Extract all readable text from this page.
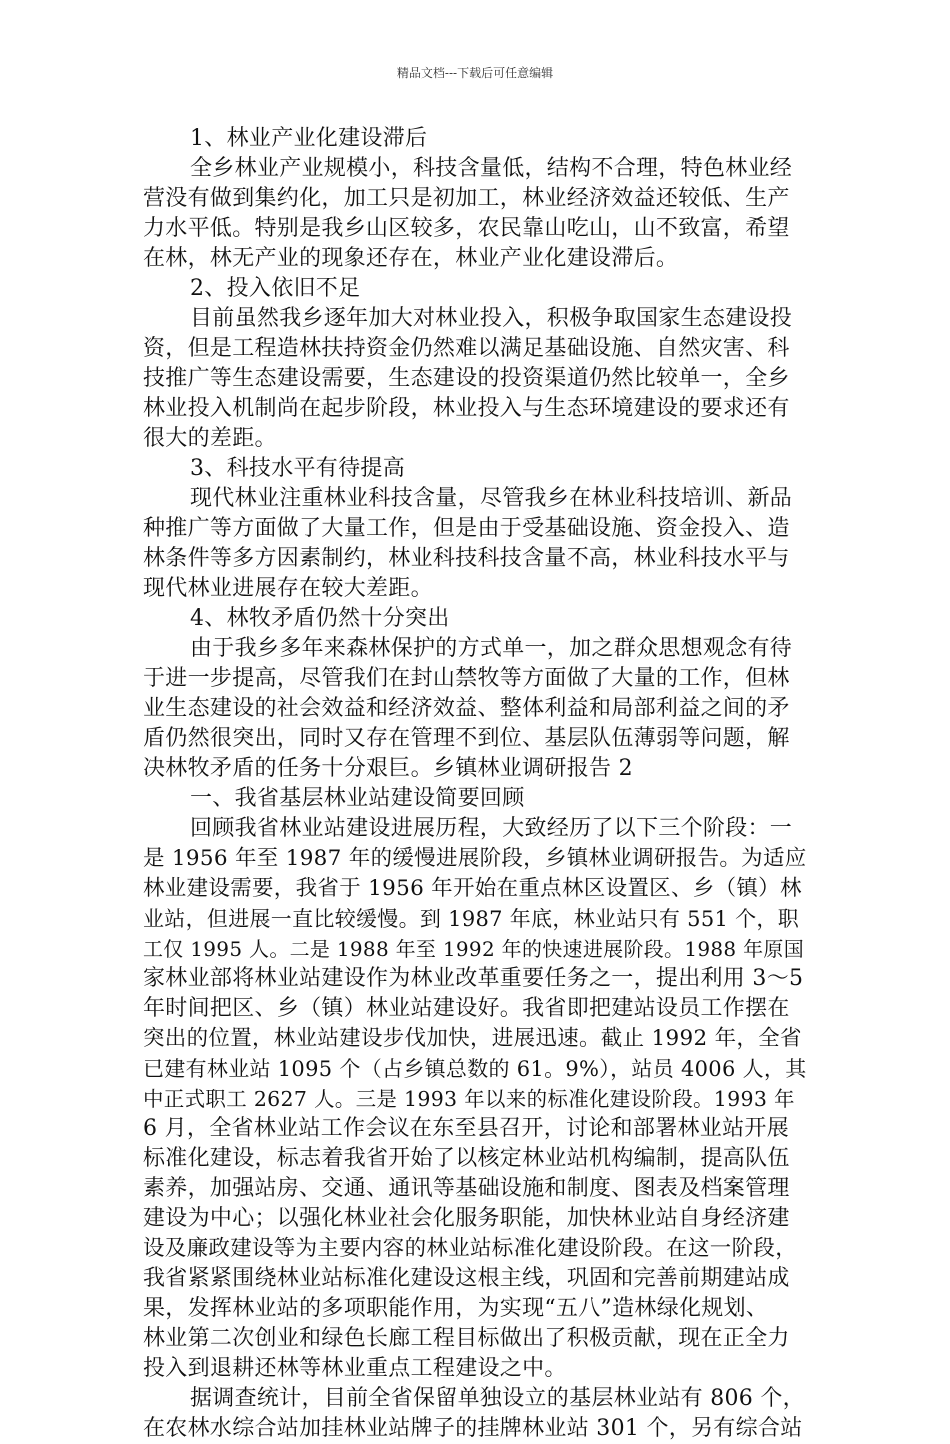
精品文档---下载后可任意编辑
1、林业产业化建设滞后
全乡林业产业规模小，科技含量低，结构不合理，特色林业经
营没有做到集约化，加工只是初加工，林业经济效益还较低、生产
力水平低。特别是我乡山区较多，农民靠山吃山，山不致富，希望
在林，林无产业的现象还存在，林业产业化建设滞后。
2、投入依旧不足
目前虽然我乡逐年加大对林业投入，积极争取国家生态建设投
资，但是工程造林扶持资金仍然难以满足基础设施、自然灾害、科
技推广等生态建设需要，生态建设的投资渠道仍然比较单一，全乡
林业投入机制尚在起步阶段，林业投入与生态环境建设的要求还有
很大的差距。
3、科技水平有待提高
现代林业注重林业科技含量，尽管我乡在林业科技培训、新品
种推广等方面做了大量工作，但是由于受基础设施、资金投入、造
林条件等多方因素制约，林业科技科技含量不高，林业科技水平与
现代林业进展存在较大差距。
4、林牧矛盾仍然十分突出
由于我乡多年来森林保护的方式单一，加之群众思想观念有待
于进一步提高，尽管我们在封山禁牧等方面做了大量的工作，但林
业生态建设的社会效益和经济效益、整体利益和局部利益之间的矛
盾仍然很突出，同时又存在管理不到位、基层队伍薄弱等问题，解
决林牧矛盾的任务十分艰巨。乡镇林业调研报告 2
一、我省基层林业站建设简要回顾
回顾我省林业站建设进展历程，大致经历了以下三个阶段：一
是 1956 年至 1987 年的缓慢进展阶段，乡镇林业调研报告。为适应
林业建设需要，我省于 1956 年开始在重点林区设置区、乡（镇）林
业站，但进展一直比较缓慢。到 1987 年底，林业站只有 551 个，职
工仅 1995 人。二是 1988 年至 1992 年的快速进展阶段。1988 年原国
家林业部将林业站建设作为林业改革重要任务之一，提出利用 3～5
年时间把区、乡（镇）林业站建设好。我省即把建站设员工作摆在
突出的位置，林业站建设步伐加快，进展迅速。截止 1992 年，全省
已建有林业站 1095 个（占乡镇总数的 61。9%），站员 4006 人，其
中正式职工 2627 人。三是 1993 年以来的标准化建设阶段。1993 年
6 月，全省林业站工作会议在东至县召开，讨论和部署林业站开展
标准化建设，标志着我省开始了以核定林业站机构编制，提高队伍
素养，加强站房、交通、通讯等基础设施和制度、图表及档案管理
建设为中心；以强化林业社会化服务职能，加快林业站自身经济建
设及廉政建设等为主要内容的林业站标准化建设阶段。在这一阶段，
我省紧紧围绕林业站标准化建设这根主线，巩固和完善前期建站成
果，发挥林业站的多项职能作用，为实现“五八”造林绿化规划、
林业第二次创业和绿色长廊工程目标做出了积极贡献，现在正全力
投入到退耕还林等林业重点工程建设之中。
据调查统计，目前全省保留单独设立的基层林业站有 806 个，
在农林水综合站加挂林业站牌子的挂牌林业站 301 个，另有综合站
